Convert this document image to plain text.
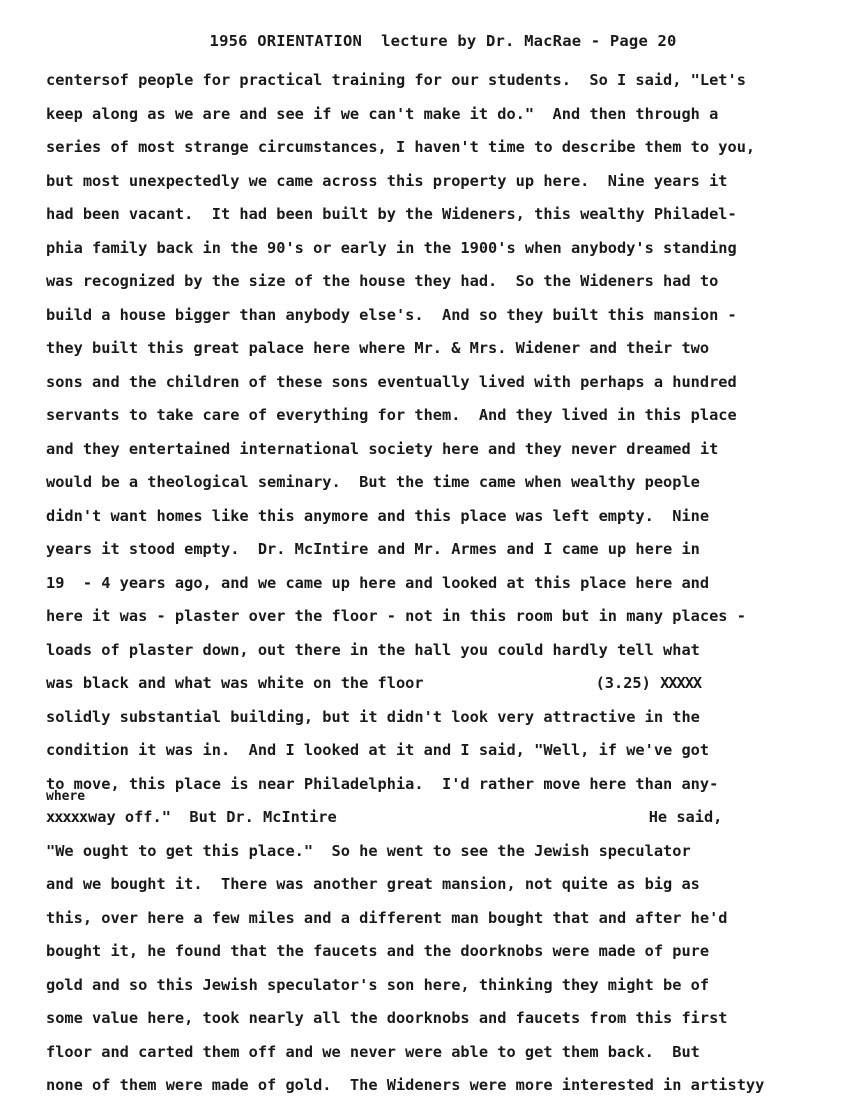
1956 ORIENTATION  lecture by Dr. MacRae - Page 20

centersof people for practical training for our students.  So I said, "Let's
keep along as we are and see if we can't make it do."  And then through a
series of most strange circumstances, I haven't time to describe them to you,
but most unexpectedly we came across this property up here.  Nine years it
had been vacant.  It had been built by the Wideners, this wealthy Philadel-
phia family back in the 90's or early in the 1900's when anybody's standing
was recognized by the size of the house they had.  So the Wideners had to
build a house bigger than anybody else's.  And so they built this mansion -
they built this great palace here where Mr. & Mrs. Widener and their two
sons and the children of these sons eventually lived with perhaps a hundred
servants to take care of everything for them.  And they lived in this place
and they entertained international society here and they never dreamed it
would be a theological seminary.  But the time came when wealthy people
didn't want homes like this anymore and this place was left empty.  Nine
years it stood empty.  Dr. McIntire and Mr. Armes and I came up here in
19  - 4 years ago, and we came up here and looked at this place here and
here it was - plaster over the floor - not in this room but in many places -
loads of plaster down, out there in the hall you could hardly tell what
was black and what was white on the floor	(3.25) XXXXX
solidly substantial building, but it didn't look very attractive in the
condition it was in.  And I looked at it and I said, "Well, if we've got
to move, this place is near Philadelphia.  I'd rather move here than any-
where
xxxxxway off."  But Dr. McIntire	He said,
"We ought to get this place."  So he went to see the Jewish speculator
and we bought it.  There was another great mansion, not quite as big as
this, over here a few miles and a different man bought that and after he'd
bought it, he found that the faucets and the doorknobs were made of pure
gold and so this Jewish speculator's son here, thinking they might be of
some value here, took nearly all the doorknobs and faucets from this first
floor and carted them off and we never were able to get them back.  But
none of them were made of gold.  The Wideners were more interested in artistyy
